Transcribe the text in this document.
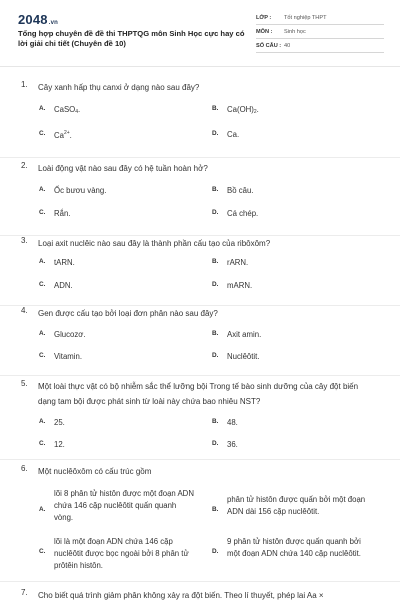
2048.vn
Tổng hợp chuyên đề đề thi THPTQG môn Sinh Học cực hay có lời giải chi tiết (Chuyên đề 10)
LỚP : Tốt nghiệp THPT
MÔN : Sinh học
SỐ CÂU : 40
1. Cây xanh hấp thụ canxi ở dạng nào sau đây?
A. CaSO4.	B. Ca(OH)2.
C. $Ca^{2+}$.	D. Ca.
2. Loài động vật nào sau đây có hệ tuần hoàn hở?
A. Ốc bươu vàng.	B. Bồ câu.
C. Rắn.	D. Cá chép.
3. Loại axit nuclêic nào sau đây là thành phần cấu tạo của ribôxôm?
A. tARN.	B. rARN.
C. ADN.	D. mARN.
4. Gen được cấu tạo bởi loại đơn phân nào sau đây?
A. Glucozơ.	B. Axit amin.
C. Vitamin.	D. Nuclêôtit.
5. Một loài thực vật có bộ nhiễm sắc thể lưỡng bội Trong tế bào sinh dưỡng của cây đột biến dạng tam bội được phát sinh từ loài này chứa bao nhiêu NST?
A. 25.	B. 48.
C. 12.	D. 36.
6. Một nuclêôxôm có cấu trúc gồm
A.
lõi 8 phân tử histôn được một đoạn ADN chứa 146 cặp nuclêôtit quấn quanh vòng.
B.
phân tử histôn được quấn bởi một đoạn ADN dài 156 cặp nuclêôtit.
C.
lõi là một đoạn ADN chứa 146 cặp nuclêôtit được bọc ngoài bởi 8 phân tử prôtêin histôn.
D.
9 phân tử histôn được quấn quanh bởi một đoạn ADN chứa 140 cặp nuclêôtit.
7. Cho biết quá trình giảm phân không xảy ra đột biến. Theo lí thuyết, phép lai Aa ×
